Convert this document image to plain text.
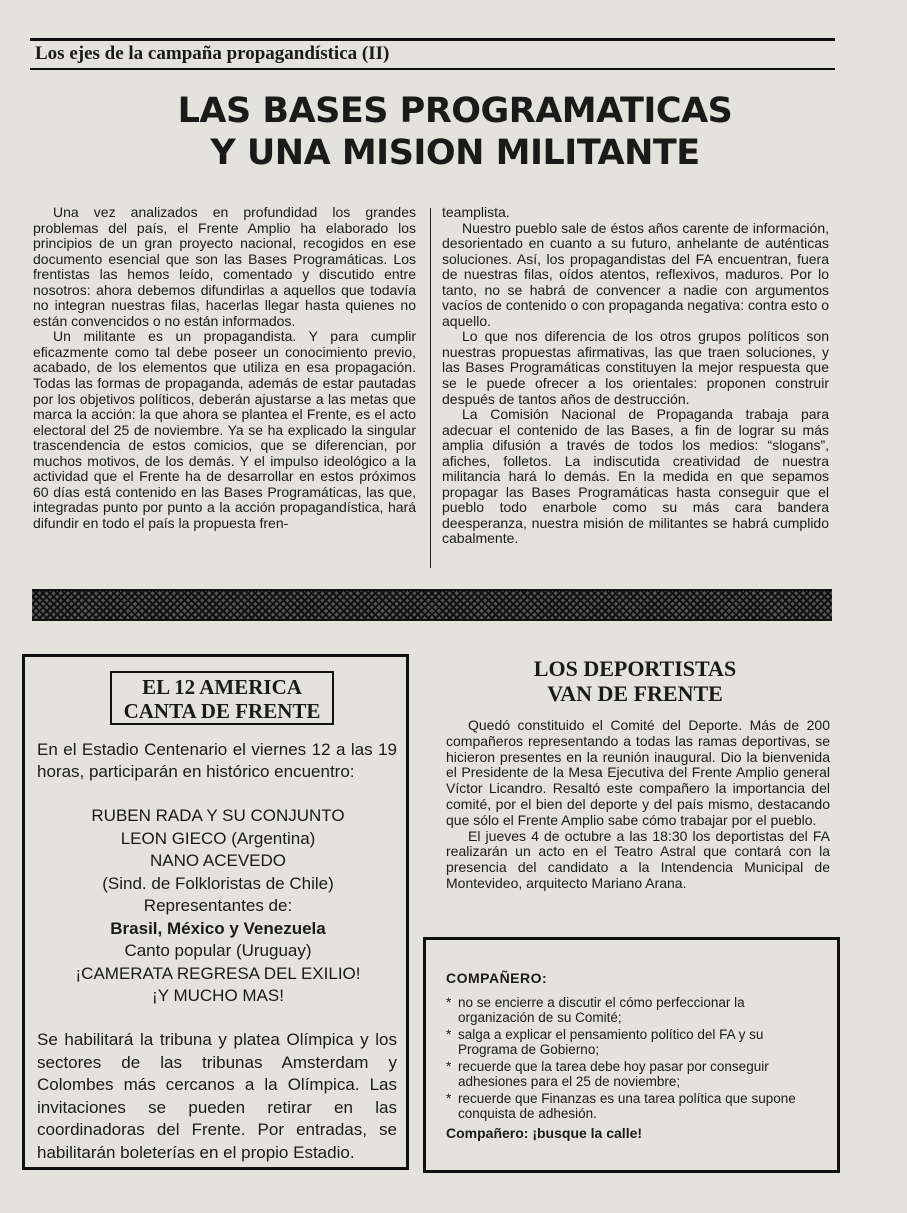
Los ejes de la campaña propagandística (II)
LAS BASES PROGRAMATICAS
Y UNA MISION MILITANTE

Una vez analizados en profundidad los grandes problemas del país, el Frente Amplio ha elaborado los principios de un gran proyecto nacional, recogidos en ese documento esencial que son las Bases Programáticas. Los frentistas las hemos leído, comentado y discutido entre nosotros: ahora debemos difundirlas a aquellos que todavía no integran nuestras filas, hacerlas llegar hasta quienes no están convencidos o no están informados.

Un militante es un propagandista. Y para cumplir eficazmente como tal debe poseer un conocimiento previo, acabado, de los elementos que utiliza en esa propagación. Todas las formas de propaganda, además de estar pautadas por los objetivos políticos, deberán ajustarse a las metas que marca la acción: la que ahora se plantea el Frente, es el acto electoral del 25 de noviembre. Ya se ha explicado la singular trascendencia de estos comicios, que se diferencian, por muchos motivos, de los demás. Y el impulso ideológico a la actividad que el Frente ha de desarrollar en estos próximos 60 días está contenido en las Bases Programáticas, las que, integradas punto por punto a la acción propagandística, hará difundir en todo el país la propuesta fren-

teamplista.

Nuestro pueblo sale de éstos años carente de información, desorientado en cuanto a su futuro, anhelante de auténticas soluciones. Así, los propagandistas del FA encuentran, fuera de nuestras filas, oídos atentos, reflexivos, maduros. Por lo tanto, no se habrá de convencer a nadie con argumentos vacíos de contenido o con propaganda negativa: contra esto o aquello.

Lo que nos diferencia de los otros grupos políticos son nuestras propuestas afirmativas, las que traen soluciones, y las Bases Programáticas constituyen la mejor respuesta que se le puede ofrecer a los orientales: proponen construir después de tantos años de destrucción.

La Comisión Nacional de Propaganda trabaja para adecuar el contenido de las Bases, a fin de lograr su más amplia difusión a través de todos los medios: “slogans”, afiches, folletos. La indiscutida creatividad de nuestra militancia hará lo demás. En la medida en que sepamos propagar las Bases Programáticas hasta conseguir que el pueblo todo enarbole como su más cara bandera deesperanza, nuestra misión de militantes se habrá cumplido cabalmente.

EL 12 AMERICA
CANTA DE FRENTE
En el Estadio Centenario el viernes 12 a las 19 horas, participarán en histórico encuentro:
RUBEN RADA Y SU CONJUNTO
LEON GIECO (Argentina)
NANO ACEVEDO
(Sind. de Folkloristas de Chile)
Representantes de:
Brasil, México y Venezuela
Canto popular (Uruguay)
¡CAMERATA REGRESA DEL EXILIO!
¡Y MUCHO MAS!
Se habilitará la tribuna y platea Olímpica y los sectores de las tribunas Amsterdam y Colombes más cercanos a la Olímpica. Las invitaciones se pueden retirar en las coordinadoras del Frente. Por entradas, se habilitarán boleterías en el propio Estadio.
LOS DEPORTISTAS
VAN DE FRENTE

Quedó constituido el Comité del Deporte. Más de 200 compañeros representando a todas las ramas deportivas, se hicieron presentes en la reunión inaugural. Dio la bienvenida el Presidente de la Mesa Ejecutiva del Frente Amplio general Víctor Licandro. Resaltó este compañero la importancia del comité, por el bien del deporte y del país mismo, destacando que sólo el Frente Amplio sabe cómo trabajar por el pueblo.

El jueves 4 de octubre a las 18:30 los deportistas del FA realizarán un acto en el Teatro Astral que contará con la presencia del candidato a la Intendencia Municipal de Montevideo, arquitecto Mariano Arana.

COMPAÑERO:
* no se encierre a discutir el cómo perfeccionar la organización de su Comité;
* salga a explicar el pensamiento político del FA y su Programa de Gobierno;
* recuerde que la tarea debe hoy pasar por conseguir adhesiones para el 25 de noviembre;
* recuerde que Finanzas es una tarea política que supone conquista de adhesión.
Compañero: ¡busque la calle!
